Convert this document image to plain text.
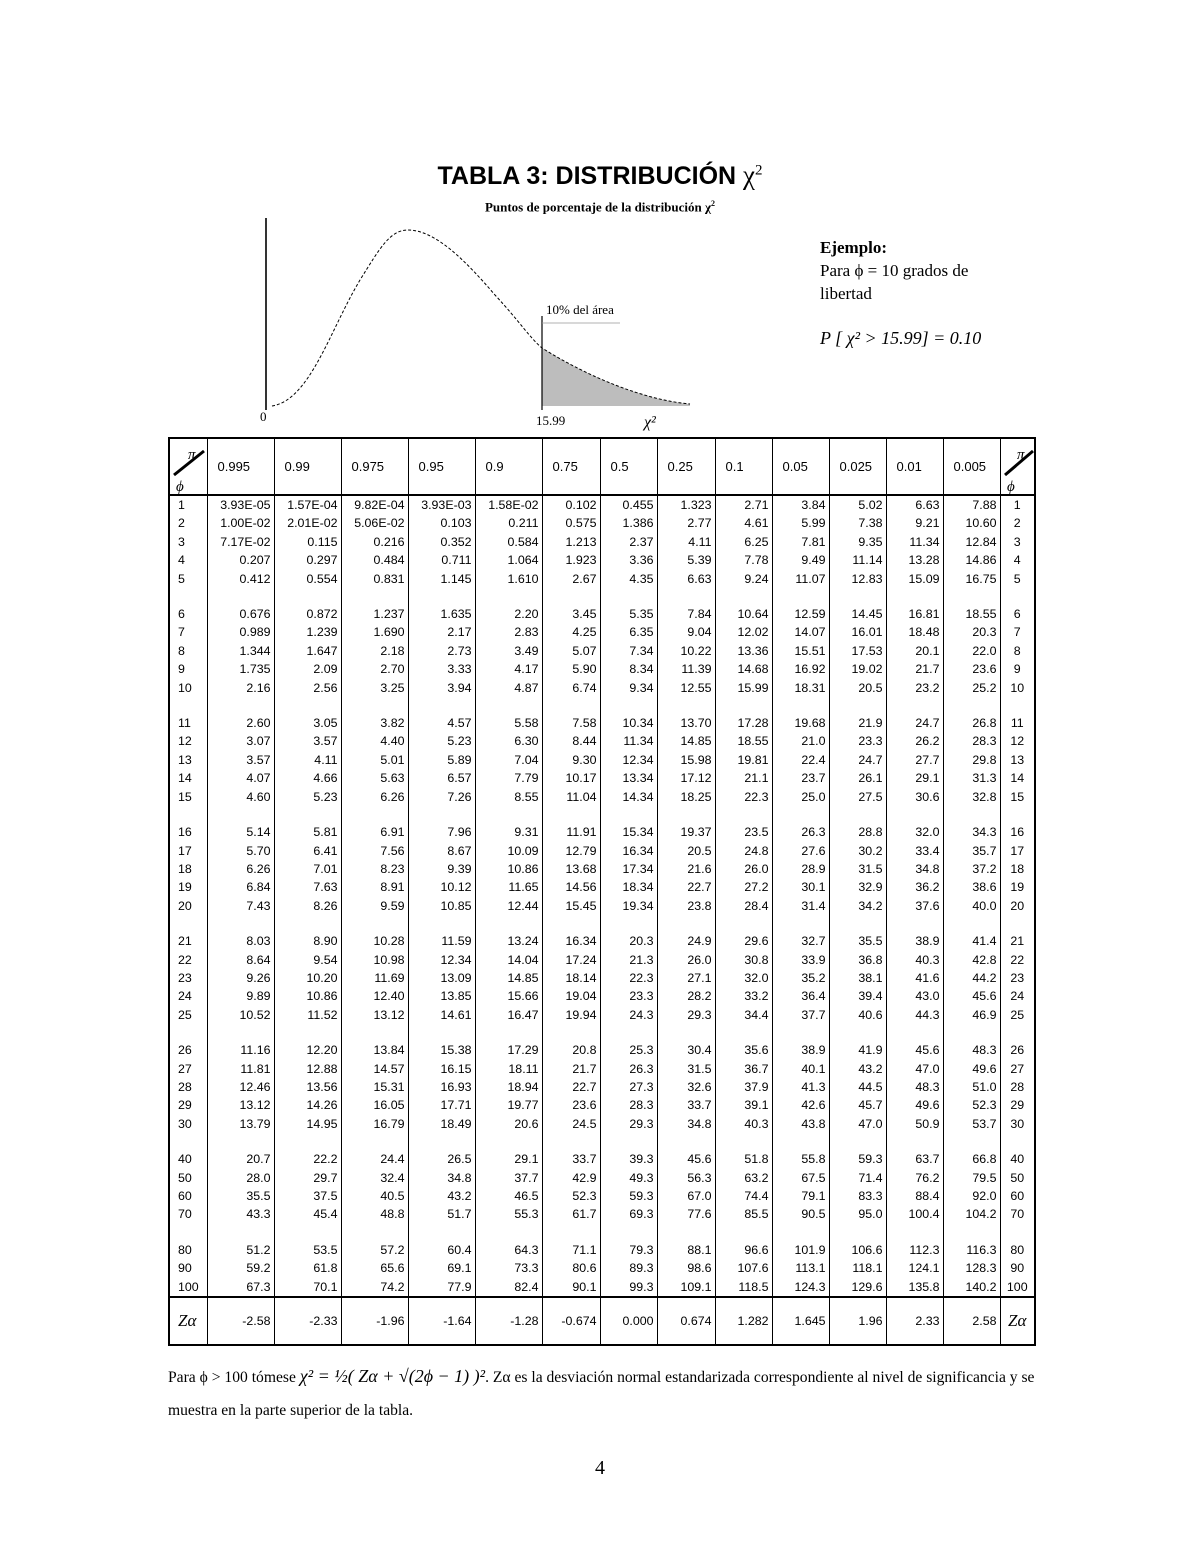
TABLA 3: DISTRIBUCIÓN $\chi^2$
Puntos de porcentaje de la distribución $\chi^2$
10% del área
0	15.99	χ²
Ejemplo:
Para ϕ = 10 grados de
libertad
P [ χ² > 15.99] = 0.10
π
ϕ	0.995	0.99	0.975	0.95	0.9	0.75	0.5	0.25	0.1	0.05	0.025	0.01	0.005	π
ϕ

1	3.93E-05	1.57E-04	9.82E-04	3.93E-03	1.58E-02	0.102	0.455	1.323	2.71	3.84	5.02	6.63	7.88	1
2	1.00E-02	2.01E-02	5.06E-02	0.103	0.211	0.575	1.386	2.77	4.61	5.99	7.38	9.21	10.60	2
3	7.17E-02	0.115	0.216	0.352	0.584	1.213	2.37	4.11	6.25	7.81	9.35	11.34	12.84	3
4	0.207	0.297	0.484	0.711	1.064	1.923	3.36	5.39	7.78	9.49	11.14	13.28	14.86	4
5	0.412	0.554	0.831	1.145	1.610	2.67	4.35	6.63	9.24	11.07	12.83	15.09	16.75	5

6	0.676	0.872	1.237	1.635	2.20	3.45	5.35	7.84	10.64	12.59	14.45	16.81	18.55	6
7	0.989	1.239	1.690	2.17	2.83	4.25	6.35	9.04	12.02	14.07	16.01	18.48	20.3	7
8	1.344	1.647	2.18	2.73	3.49	5.07	7.34	10.22	13.36	15.51	17.53	20.1	22.0	8
9	1.735	2.09	2.70	3.33	4.17	5.90	8.34	11.39	14.68	16.92	19.02	21.7	23.6	9
10	2.16	2.56	3.25	3.94	4.87	6.74	9.34	12.55	15.99	18.31	20.5	23.2	25.2	10

11	2.60	3.05	3.82	4.57	5.58	7.58	10.34	13.70	17.28	19.68	21.9	24.7	26.8	11
12	3.07	3.57	4.40	5.23	6.30	8.44	11.34	14.85	18.55	21.0	23.3	26.2	28.3	12
13	3.57	4.11	5.01	5.89	7.04	9.30	12.34	15.98	19.81	22.4	24.7	27.7	29.8	13
14	4.07	4.66	5.63	6.57	7.79	10.17	13.34	17.12	21.1	23.7	26.1	29.1	31.3	14
15	4.60	5.23	6.26	7.26	8.55	11.04	14.34	18.25	22.3	25.0	27.5	30.6	32.8	15

16	5.14	5.81	6.91	7.96	9.31	11.91	15.34	19.37	23.5	26.3	28.8	32.0	34.3	16
17	5.70	6.41	7.56	8.67	10.09	12.79	16.34	20.5	24.8	27.6	30.2	33.4	35.7	17
18	6.26	7.01	8.23	9.39	10.86	13.68	17.34	21.6	26.0	28.9	31.5	34.8	37.2	18
19	6.84	7.63	8.91	10.12	11.65	14.56	18.34	22.7	27.2	30.1	32.9	36.2	38.6	19
20	7.43	8.26	9.59	10.85	12.44	15.45	19.34	23.8	28.4	31.4	34.2	37.6	40.0	20

21	8.03	8.90	10.28	11.59	13.24	16.34	20.3	24.9	29.6	32.7	35.5	38.9	41.4	21
22	8.64	9.54	10.98	12.34	14.04	17.24	21.3	26.0	30.8	33.9	36.8	40.3	42.8	22
23	9.26	10.20	11.69	13.09	14.85	18.14	22.3	27.1	32.0	35.2	38.1	41.6	44.2	23
24	9.89	10.86	12.40	13.85	15.66	19.04	23.3	28.2	33.2	36.4	39.4	43.0	45.6	24
25	10.52	11.52	13.12	14.61	16.47	19.94	24.3	29.3	34.4	37.7	40.6	44.3	46.9	25

26	11.16	12.20	13.84	15.38	17.29	20.8	25.3	30.4	35.6	38.9	41.9	45.6	48.3	26
27	11.81	12.88	14.57	16.15	18.11	21.7	26.3	31.5	36.7	40.1	43.2	47.0	49.6	27
28	12.46	13.56	15.31	16.93	18.94	22.7	27.3	32.6	37.9	41.3	44.5	48.3	51.0	28
29	13.12	14.26	16.05	17.71	19.77	23.6	28.3	33.7	39.1	42.6	45.7	49.6	52.3	29
30	13.79	14.95	16.79	18.49	20.6	24.5	29.3	34.8	40.3	43.8	47.0	50.9	53.7	30

40	20.7	22.2	24.4	26.5	29.1	33.7	39.3	45.6	51.8	55.8	59.3	63.7	66.8	40
50	28.0	29.7	32.4	34.8	37.7	42.9	49.3	56.3	63.2	67.5	71.4	76.2	79.5	50
60	35.5	37.5	40.5	43.2	46.5	52.3	59.3	67.0	74.4	79.1	83.3	88.4	92.0	60
70	43.3	45.4	48.8	51.7	55.3	61.7	69.3	77.6	85.5	90.5	95.0	100.4	104.2	70

80	51.2	53.5	57.2	60.4	64.3	71.1	79.3	88.1	96.6	101.9	106.6	112.3	116.3	80
90	59.2	61.8	65.6	69.1	73.3	80.6	89.3	98.6	107.6	113.1	118.1	124.1	128.3	90
100	67.3	70.1	74.2	77.9	82.4	90.1	99.3	109.1	118.5	124.3	129.6	135.8	140.2	100
Zα	-2.58	-2.33	-1.96	-1.64	-1.28	-0.674	0.000	0.674	1.282	1.645	1.96	2.33	2.58	Zα
Para ϕ > 100 tómese χ² = ½( Zα + √(2ϕ − 1) )². Zα es la desviación normal estandarizada correspondiente al nivel de significancia y se muestra en la parte superior de la tabla.
4
